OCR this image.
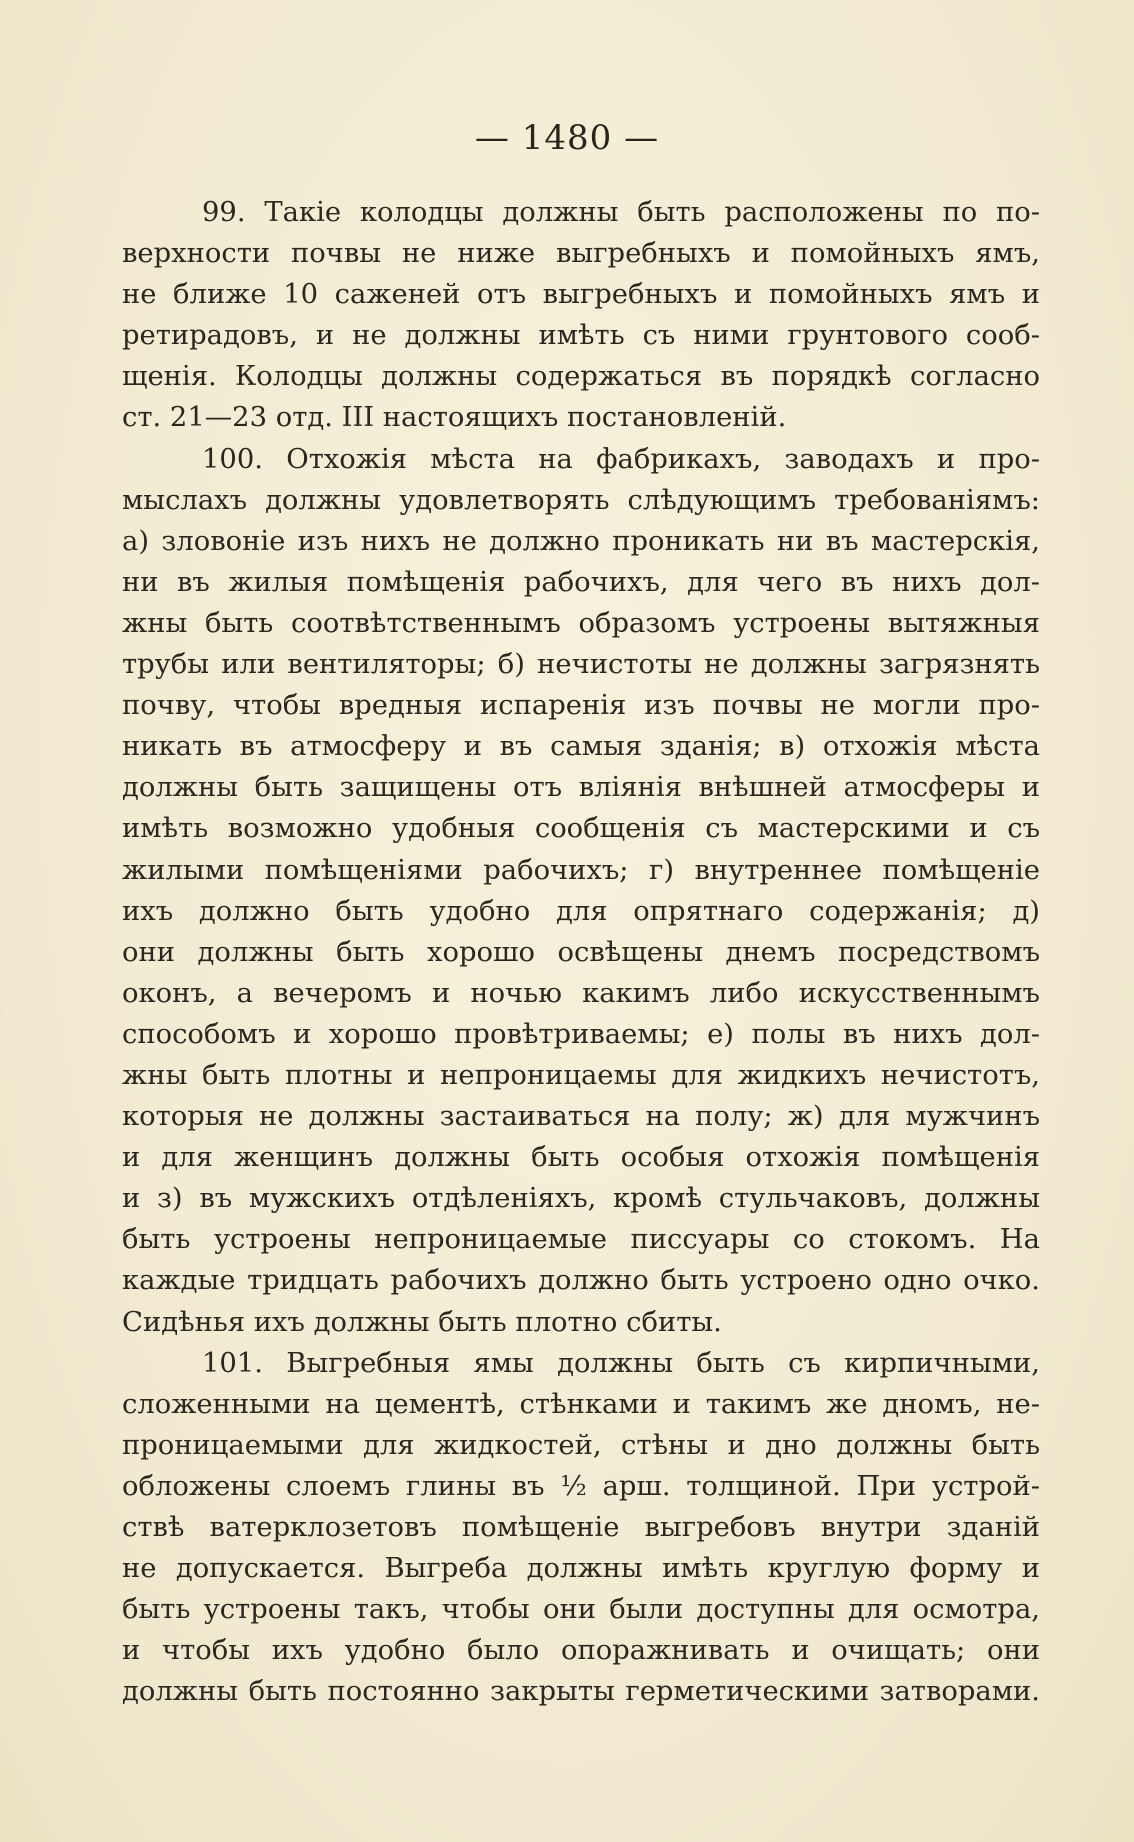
— 1480 —
99. Такiе колодцы должны быть расположены по по-
верхности почвы не ниже выгребныхъ и помойныхъ ямъ,
не ближе 10 саженей отъ выгребныхъ и помойныхъ ямъ и
ретирадовъ, и не должны имѣть съ ними грунтового сооб-
щенiя. Колодцы должны содержаться въ порядкѣ согласно
ст. 21—23 отд. III настоящихъ постановленiй.
100. Отхожiя мѣста на фабрикахъ, заводахъ и про-
мыслахъ должны удовлетворять слѣдующимъ требованiямъ:
а) зловонiе изъ нихъ не должно проникать ни въ мастерскiя,
ни въ жилыя помѣщенiя рабочихъ, для чего въ нихъ дол-
жны быть соотвѣтственнымъ образомъ устроены вытяжныя
трубы или вентиляторы; б) нечистоты не должны загрязнять
почву, чтобы вредныя испаренiя изъ почвы не могли про-
никать въ атмосферу и въ самыя зданiя; в) отхожiя мѣста
должны быть защищены отъ влiянiя внѣшней атмосферы и
имѣть возможно удобныя сообщенiя съ мастерскими и съ
жилыми помѣщенiями рабочихъ; г) внутреннее помѣщенiе
ихъ должно быть удобно для опрятнаго содержанiя; д)
они должны быть хорошо освѣщены днемъ посредствомъ
оконъ, а вечеромъ и ночью какимъ либо искусственнымъ
способомъ и хорошо провѣтриваемы; е) полы въ нихъ дол-
жны быть плотны и непроницаемы для жидкихъ нечистотъ,
которыя не должны застаиваться на полу; ж) для мужчинъ
и для женщинъ должны быть особыя отхожiя помѣщенiя
и з) въ мужскихъ отдѣленiяхъ, кромѣ стульчаковъ, должны
быть устроены непроницаемые писсуары со стокомъ. На
каждые тридцать рабочихъ должно быть устроено одно очко.
Сидѣнья ихъ должны быть плотно сбиты.
101. Выгребныя ямы должны быть съ кирпичными,
сложенными на цементѣ, стѣнками и такимъ же дномъ, не-
проницаемыми для жидкостей, стѣны и дно должны быть
обложены слоемъ глины въ ½ арш. толщиной. При устрой-
ствѣ ватерклозетовъ помѣщенiе выгребовъ внутри зданiй
не допускается. Выгреба должны имѣть круглую форму и
быть устроены такъ, чтобы они были доступны для осмотра,
и чтобы ихъ удобно было опоражнивать и очищать; они
должны быть постоянно закрыты герметическими затворами.
